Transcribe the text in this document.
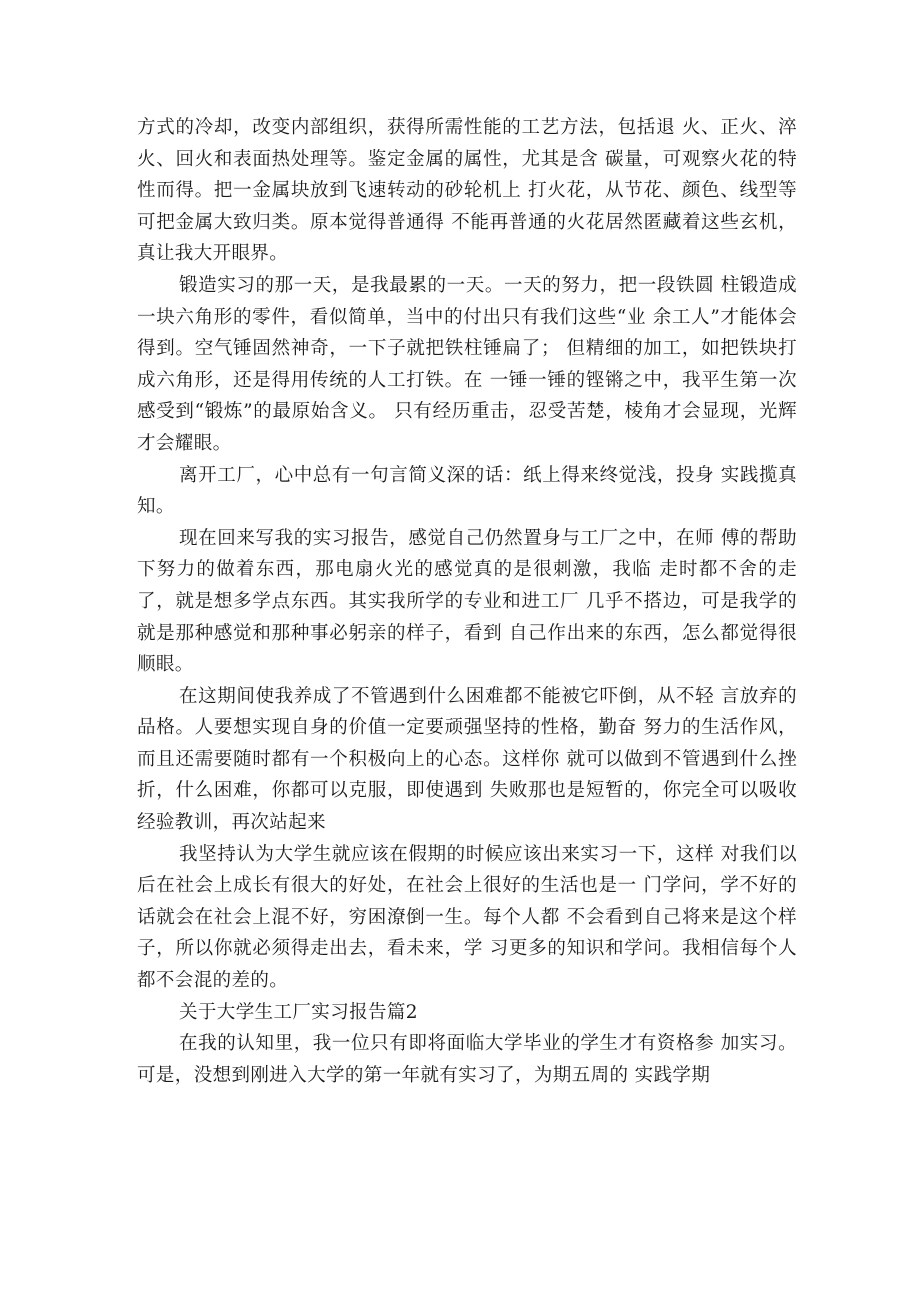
方式的冷却，改变内部组织，获得所需性能的工艺方法，包括退 火、正火、淬火、回火和表面热处理等。鉴定金属的属性，尤其是含 碳量，可观察火花的特性而得。把一金属块放到飞速转动的砂轮机上 打火花，从节花、颜色、线型等可把金属大致归类。原本觉得普通得 不能再普通的火花居然匿藏着这些玄机，真让我大开眼界。

锻造实习的那一天，是我最累的一天。一天的努力，把一段铁圆 柱锻造成一块六角形的零件，看似简单，当中的付出只有我们这些“业 余工人”才能体会得到。空气锤固然神奇，一下子就把铁柱锤扁了； 但精细的加工，如把铁块打成六角形，还是得用传统的人工打铁。在 一锤一锤的铿锵之中，我平生第一次感受到“锻炼”的最原始含义。 只有经历重击，忍受苦楚，棱角才会显现，光辉才会耀眼。

离开工厂，心中总有一句言简义深的话：纸上得来终觉浅，投身 实践揽真知。

现在回来写我的实习报告，感觉自己仍然置身与工厂之中，在师 傅的帮助下努力的做着东西，那电扇火光的感觉真的是很刺激，我临 走时都不舍的走了，就是想多学点东西。其实我所学的专业和进工厂 几乎不搭边，可是我学的就是那种感觉和那种事必躬亲的样子，看到 自己作出来的东西，怎么都觉得很顺眼。

在这期间使我养成了不管遇到什么困难都不能被它吓倒，从不轻 言放弃的品格。人要想实现自身的价值一定要顽强坚持的性格，勤奋 努力的生活作风，而且还需要随时都有一个积极向上的心态。这样你 就可以做到不管遇到什么挫折，什么困难，你都可以克服，即使遇到 失败那也是短暂的，你完全可以吸收经验教训，再次站起来

我坚持认为大学生就应该在假期的时候应该出来实习一下，这样 对我们以后在社会上成长有很大的好处，在社会上很好的生活也是一 门学问，学不好的话就会在社会上混不好，穷困潦倒一生。每个人都 不会看到自己将来是这个样子，所以你就必须得走出去，看未来，学 习更多的知识和学问。我相信每个人都不会混的差的。

关于大学生工厂实习报告篇2

在我的认知里，我一位只有即将面临大学毕业的学生才有资格参 加实习。可是，没想到刚进入大学的第一年就有实习了，为期五周的 实践学期
